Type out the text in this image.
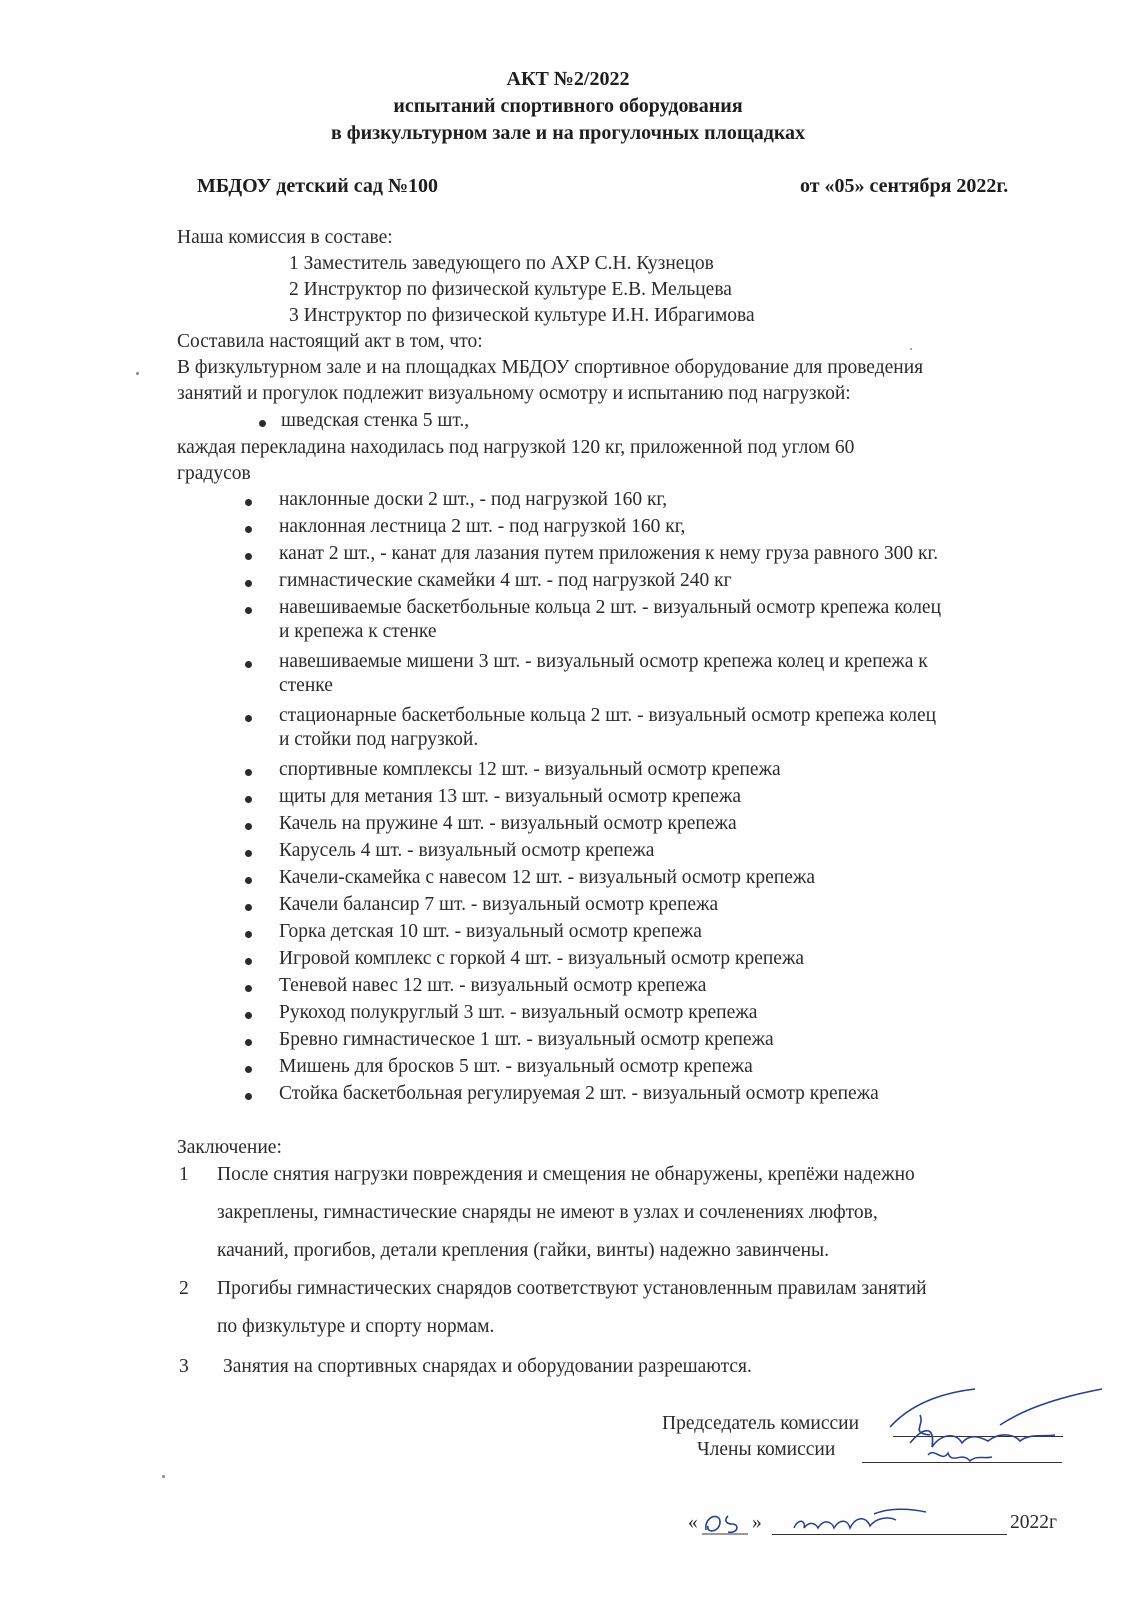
АКТ №2/2022
испытаний спортивного оборудования
в физкультурном зале и на прогулочных площадках
МБДОУ детский сад №100	от «05» сентября 2022г.
Наша комиссия в составе:
1 Заместитель заведующего по АХР С.Н. Кузнецов
2 Инструктор по физической культуре Е.В. Мельцева
3 Инструктор по физической культуре И.Н. Ибрагимова
Составила настоящий акт в том, что:
В физкультурном зале и на площадках МБДОУ спортивное оборудование для проведения
занятий и прогулок подлежит визуальному осмотру и испытанию под нагрузкой:
шведская стенка 5 шт.,
каждая перекладина находилась под нагрузкой 120 кг, приложенной под углом 60
градусов
наклонные доски 2 шт., - под нагрузкой 160 кг,
наклонная лестница 2 шт. - под нагрузкой 160 кг,
канат 2 шт., - канат для лазания путем приложения к нему груза равного 300 кг.
гимнастические скамейки 4 шт. - под нагрузкой 240 кг
навешиваемые баскетбольные кольца 2 шт. - визуальный осмотр крепежа колец
и крепежа к стенке
навешиваемые мишени 3 шт. - визуальный осмотр крепежа колец и крепежа к
стенке
стационарные баскетбольные кольца 2 шт. - визуальный осмотр крепежа колец
и стойки под нагрузкой.
спортивные комплексы 12 шт. - визуальный осмотр крепежа
щиты для метания 13 шт. - визуальный осмотр крепежа
Качель на пружине 4 шт. - визуальный осмотр крепежа
Карусель 4 шт. - визуальный осмотр крепежа
Качели-скамейка с навесом 12 шт. - визуальный осмотр крепежа
Качели балансир 7 шт. - визуальный осмотр крепежа
Горка детская 10 шт. - визуальный осмотр крепежа
Игровой комплекс с горкой 4 шт. - визуальный осмотр крепежа
Теневой навес 12 шт. - визуальный осмотр крепежа
Рукоход полукруглый 3 шт. - визуальный осмотр крепежа
Бревно гимнастическое 1 шт. - визуальный осмотр крепежа
Мишень для бросков 5 шт. - визуальный осмотр крепежа
Стойка баскетбольная регулируемая 2 шт. - визуальный осмотр крепежа
Заключение:
1 После снятия нагрузки повреждения и смещения не обнаружены, крепёжи надежно
закреплены, гимнастические снаряды не имеют в узлах и сочленениях люфтов,
качаний, прогибов, детали крепления (гайки, винты) надежно завинчены.
2 Прогибы гимнастических снарядов соответствуют установленным правилам занятий
по физкультуре и спорту нормам.
3 Занятия на спортивных снарядах и оборудовании разрешаются.
Председатель комиссии
Члены комиссии
«	»	2022г
